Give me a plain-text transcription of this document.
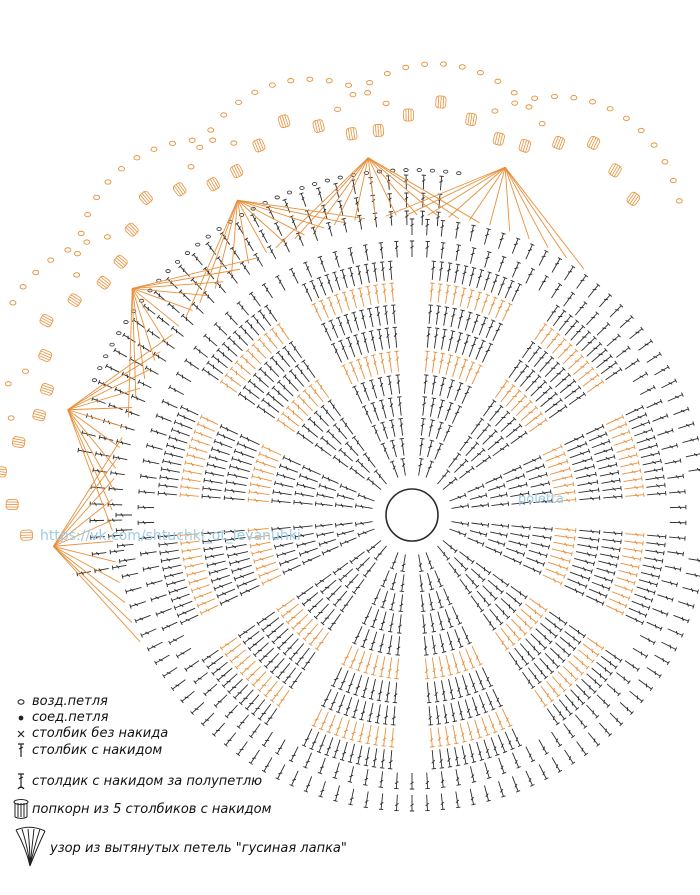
https://vk.com/shtuchki_ot_levanuhki
poletta
возд.петля
соед.петля
столбик без накида
столбик с накидом
столдик с накидом за полупетлю
попкорн из 5 столбиков с накидом
узор из вытянутых петель "гусиная лапка"
